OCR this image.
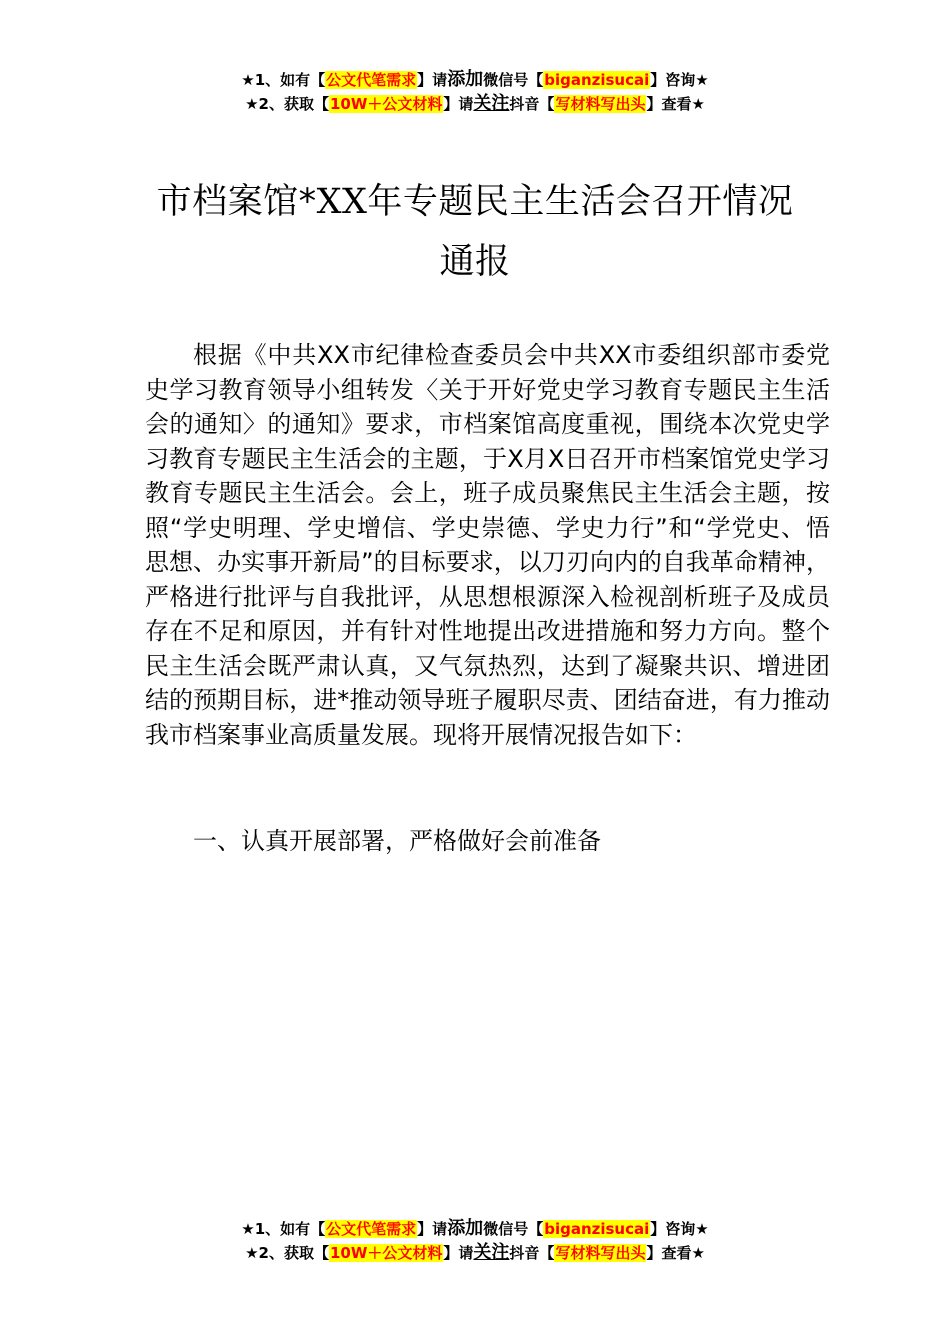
★1、如有【公文代笔需求】请添加微信号【biganzisucai】咨询★
★2、获取【10W＋公文材料】请关注抖音【写材料写出头】查看★
市档案馆*XX年专题民主生活会召开情况
通报

根据《中共XX市纪律检查委员会中共XX市委组织部市委党史学习教育领导小组转发〈关于开好党史学习教育专题民主生活会的通知〉的通知》要求，市档案馆高度重视，围绕本次党史学习教育专题民主生活会的主题，于X月X日召开市档案馆党史学习教育专题民主生活会。会上，班子成员聚焦民主生活会主题，按照“学史明理、学史增信、学史崇德、学史力行”和“学党史、悟思想、办实事开新局”的目标要求，以刀刃向内的自我革命精神，严格进行批评与自我批评，从思想根源深入检视剖析班子及成员存在不足和原因，并有针对性地提出改进措施和努力方向。整个民主生活会既严肃认真，又气氛热烈，达到了凝聚共识、增进团结的预期目标，进*推动领导班子履职尽责、团结奋进，有力推动我市档案事业高质量发展。现将开展情况报告如下：

一、认真开展部署，严格做好会前准备
★1、如有【公文代笔需求】请添加微信号【biganzisucai】咨询★
★2、获取【10W＋公文材料】请关注抖音【写材料写出头】查看★
